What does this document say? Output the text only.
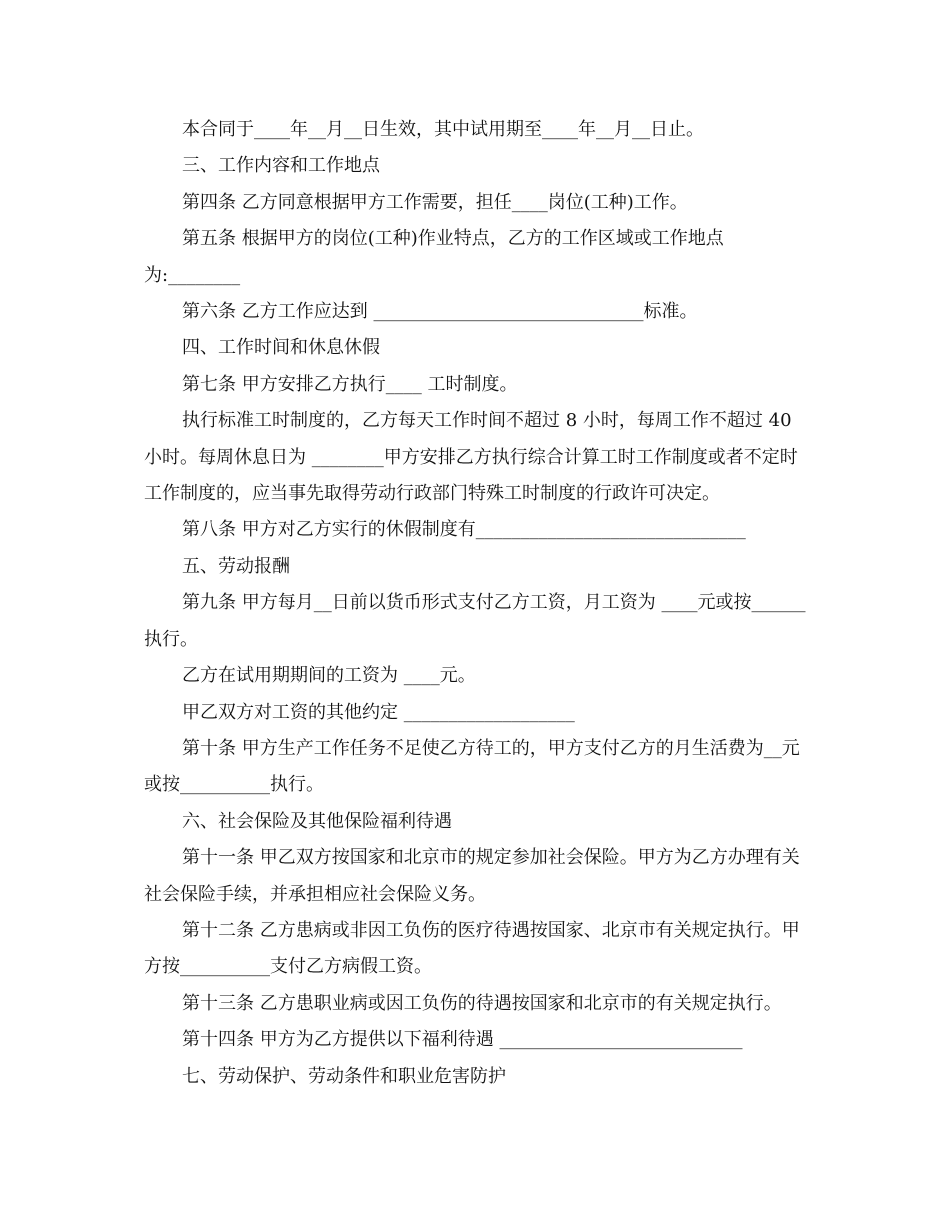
本合同于____年__月__日生效，其中试用期至____年__月__日止。

三、工作内容和工作地点

第四条 乙方同意根据甲方工作需要，担任____岗位(工种)工作。

第五条 根据甲方的岗位(工种)作业特点，乙方的工作区域或工作地点为:________

第六条 乙方工作应达到 ______________________________标准。

四、工作时间和休息休假

第七条 甲方安排乙方执行____ 工时制度。

执行标准工时制度的，乙方每天工作时间不超过 8 小时，每周工作不超过 40 小时。每周休息日为 ________甲方安排乙方执行综合计算工时工作制度或者不定时工作制度的，应当事先取得劳动行政部门特殊工时制度的行政许可决定。

第八条 甲方对乙方实行的休假制度有______________________________

五、劳动报酬

第九条 甲方每月__日前以货币形式支付乙方工资，月工资为 ____元或按______执行。

乙方在试用期期间的工资为 ____元。

甲乙双方对工资的其他约定 ___________________

第十条 甲方生产工作任务不足使乙方待工的，甲方支付乙方的月生活费为__元或按__________执行。

六、社会保险及其他保险福利待遇

第十一条 甲乙双方按国家和北京市的规定参加社会保险。甲方为乙方办理有关社会保险手续，并承担相应社会保险义务。

第十二条 乙方患病或非因工负伤的医疗待遇按国家、北京市有关规定执行。甲方按__________支付乙方病假工资。

第十三条 乙方患职业病或因工负伤的待遇按国家和北京市的有关规定执行。

第十四条 甲方为乙方提供以下福利待遇 ___________________________

七、劳动保护、劳动条件和职业危害防护
